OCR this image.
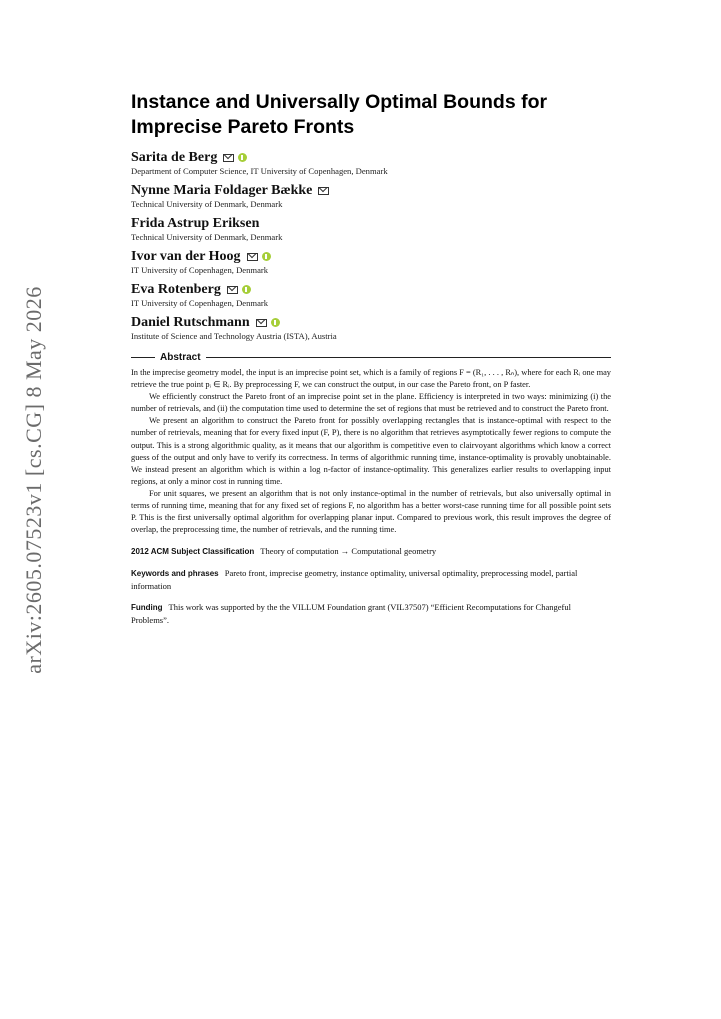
arXiv:2605.07523v1 [cs.CG] 8 May 2026
Instance and Universally Optimal Bounds for Imprecise Pareto Fronts
Sarita de Berg
Department of Computer Science, IT University of Copenhagen, Denmark
Nynne Maria Foldager Bække
Technical University of Denmark, Denmark
Frida Astrup Eriksen
Technical University of Denmark, Denmark
Ivor van der Hoog
IT University of Copenhagen, Denmark
Eva Rotenberg
IT University of Copenhagen, Denmark
Daniel Rutschmann
Institute of Science and Technology Austria (ISTA), Austria
Abstract

In the imprecise geometry model, the input is an imprecise point set, which is a family of regions F = (R₁, . . . , Rₙ), where for each Rᵢ one may retrieve the true point pᵢ ∈ Rᵢ. By preprocessing F, we can construct the output, in our case the Pareto front, on P faster.

We efficiently construct the Pareto front of an imprecise point set in the plane. Efficiency is interpreted in two ways: minimizing (i) the number of retrievals, and (ii) the computation time used to determine the set of regions that must be retrieved and to construct the Pareto front.

We present an algorithm to construct the Pareto front for possibly overlapping rectangles that is instance-optimal with respect to the number of retrievals, meaning that for every fixed input (F, P), there is no algorithm that retrieves asymptotically fewer regions to compute the output. This is a strong algorithmic quality, as it means that our algorithm is competitive even to clairvoyant algorithms which know a correct guess of the output and only have to verify its correctness. In terms of algorithmic running time, instance-optimality is provably unobtainable. We instead present an algorithm which is within a log n-factor of instance-optimality. This generalizes earlier results to overlapping input regions, at only a minor cost in running time.

For unit squares, we present an algorithm that is not only instance-optimal in the number of retrievals, but also universally optimal in terms of running time, meaning that for any fixed set of regions F, no algorithm has a better worst-case running time for all possible point sets P. This is the first universally optimal algorithm for overlapping planar input. Compared to previous work, this result improves the degree of overlap, the preprocessing time, the number of retrievals, and the running time.

2012 ACM Subject Classification Theory of computation → Computational geometry
Keywords and phrases Pareto front, imprecise geometry, instance optimality, universal optimality, preprocessing model, partial information
Funding This work was supported by the the VILLUM Foundation grant (VIL37507) “Efficient Recomputations for Changeful Problems”.
